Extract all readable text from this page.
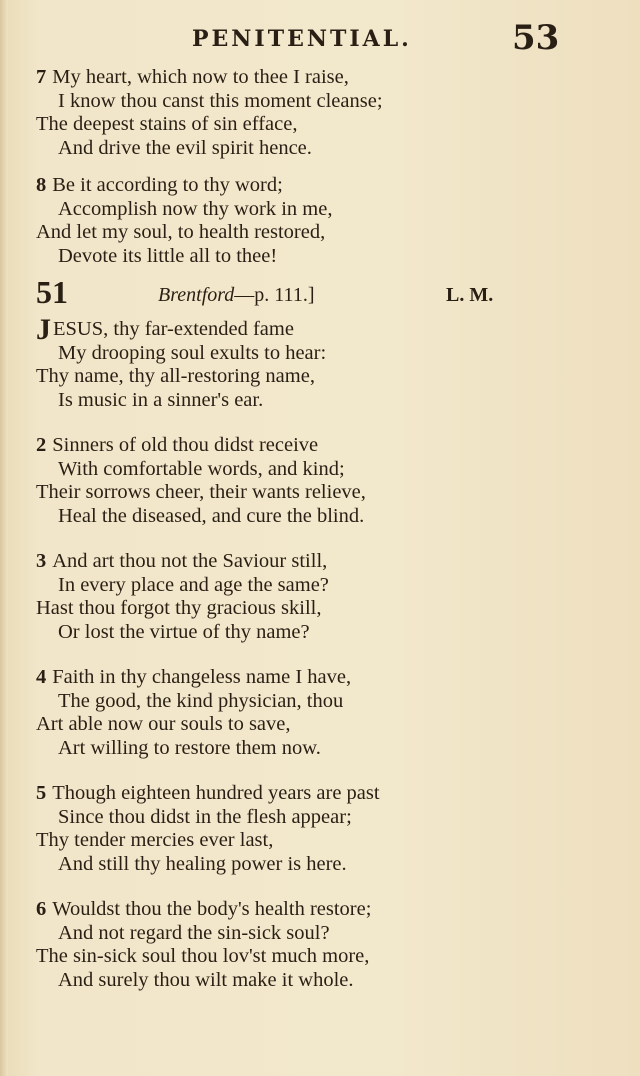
PENITENTIAL.	53
7 My heart, which now to thee I raise,
I know thou canst this moment cleanse;
The deepest stains of sin efface,
And drive the evil spirit hence.
8 Be it according to thy word;
Accomplish now thy work in me,
And let my soul, to health restored,
Devote its little all to thee!
51	Brentford—p. 111.]	L. M.
J ESUS, thy far-extended fame
My drooping soul exults to hear:
Thy name, thy all-restoring name,
Is music in a sinner's ear.
2 Sinners of old thou didst receive
With comfortable words, and kind;
Their sorrows cheer, their wants relieve,
Heal the diseased, and cure the blind.
3 And art thou not the Saviour still,
In every place and age the same?
Hast thou forgot thy gracious skill,
Or lost the virtue of thy name?
4 Faith in thy changeless name I have,
The good, the kind physician, thou
Art able now our souls to save,
Art willing to restore them now.
5 Though eighteen hundred years are past
Since thou didst in the flesh appear;
Thy tender mercies ever last,
And still thy healing power is here.
6 Wouldst thou the body's health restore;
And not regard the sin-sick soul?
The sin-sick soul thou lov'st much more,
And surely thou wilt make it whole.
